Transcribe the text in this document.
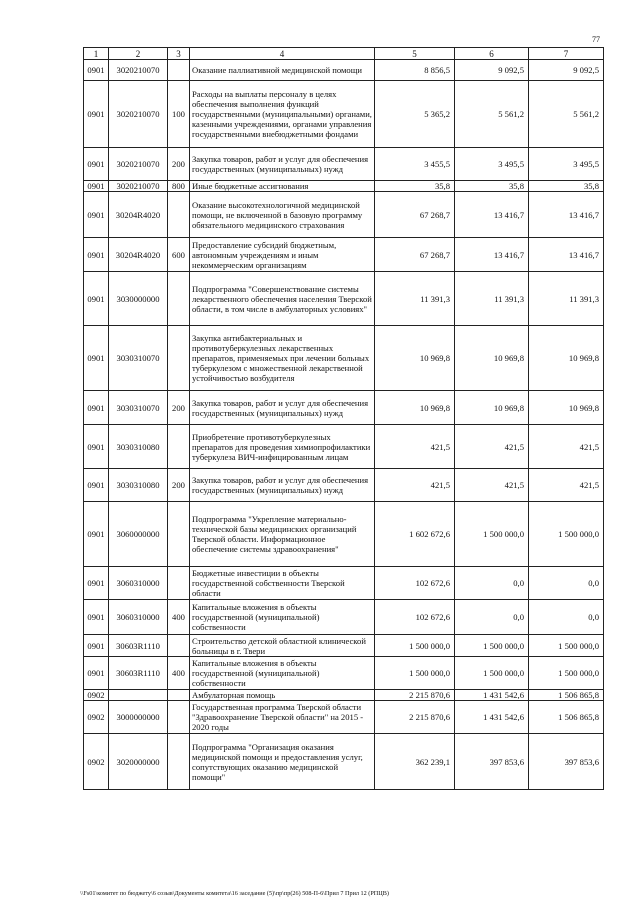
77
1	2	3	4	5	6	7
0901	3020210070		Оказание паллиативной медицинской помощи	8 856,5	9 092,5	9 092,5
0901	3020210070	100	Расходы на выплаты персоналу в целях обеспечения выполнения функций государственными (муниципальными) органами, казенными учреждениями, органами управления государственными внебюджетными фондами	5 365,2	5 561,2	5 561,2
0901	3020210070	200	Закупка товаров, работ и услуг для обеспечения государственных (муниципальных) нужд	3 455,5	3 495,5	3 495,5
0901	3020210070	800	Иные бюджетные ассигнования	35,8	35,8	35,8
0901	30204R4020		Оказание высокотехнологичной медицинской помощи, не включенной в базовую программу обязательного медицинского страхования	67 268,7	13 416,7	13 416,7
0901	30204R4020	600	Предоставление субсидий бюджетным, автономным учреждениям и иным некоммерческим организациям	67 268,7	13 416,7	13 416,7
0901	3030000000		Подпрограмма "Совершенствование системы лекарственного обеспечения населения Тверской области, в том числе в амбулаторных условиях"	11 391,3	11 391,3	11 391,3
0901	3030310070		Закупка антибактериальных и противотуберкулезных лекарственных препаратов, применяемых при лечении больных туберкулезом с множественной лекарственной устойчивостью возбудителя	10 969,8	10 969,8	10 969,8
0901	3030310070	200	Закупка товаров, работ и услуг для обеспечения государственных (муниципальных) нужд	10 969,8	10 969,8	10 969,8
0901	3030310080		Приобретение противотуберкулезных препаратов для проведения химиопрофилактики туберкулеза ВИЧ-инфицированным лицам	421,5	421,5	421,5
0901	3030310080	200	Закупка товаров, работ и услуг для обеспечения государственных (муниципальных) нужд	421,5	421,5	421,5
0901	3060000000		Подпрограмма "Укрепление материально-технической базы медицинских организаций Тверской области. Информационное обеспечение системы здравоохранения"	1 602 672,6	1 500 000,0	1 500 000,0
0901	3060310000		Бюджетные инвестиции в объекты государственной собственности Тверской области	102 672,6	0,0	0,0
0901	3060310000	400	Капитальные вложения в объекты государственной (муниципальной) собственности	102 672,6	0,0	0,0
0901	30603R1110		Строительство детской областной клинической больницы в г. Твери	1 500 000,0	1 500 000,0	1 500 000,0
0901	30603R1110	400	Капитальные вложения в объекты государственной (муниципальной) собственности	1 500 000,0	1 500 000,0	1 500 000,0
0902			Амбулаторная помощь	2 215 870,6	1 431 542,6	1 506 865,8
0902	3000000000		Государственная программа Тверской области "Здравоохранение Тверской области" на 2015 - 2020 годы	2 215 870,6	1 431 542,6	1 506 865,8
0902	3020000000		Подпрограмма "Организация оказания медицинской помощи и предоставления услуг, сопутствующих оказанию медицинской помощи"	362 239,1	397 853,6	397 853,6
\\Fs01\комитет по бюджету\6 созыв\Документы комитета\16 заседание (5)\пр\пр(26) 508-П-6\Прил 7 Прил 12 (РПЦВ)
